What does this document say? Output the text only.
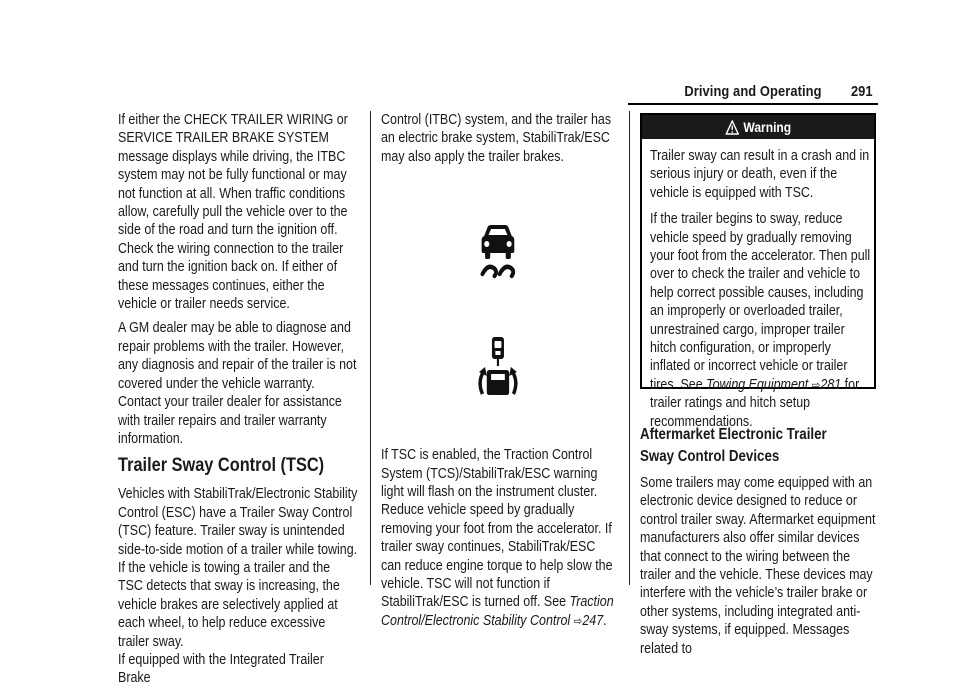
Driving and Operating 291

If either the CHECK TRAILER WIRING or SERVICE TRAILER BRAKE SYSTEM message displays while driving, the ITBC system may not be fully functional or may not function at all. When traffic conditions allow, carefully pull the vehicle over to the side of the road and turn the ignition off. Check the wiring connection to the trailer and turn the ignition back on. If either of these messages continues, either the vehicle or trailer needs service.

A GM dealer may be able to diagnose and repair problems with the trailer. However, any diagnosis and repair of the trailer is not covered under the vehicle warranty. Contact your trailer dealer for assistance with trailer repairs and trailer warranty information.

Trailer Sway Control (TSC)

Vehicles with StabiliTrak/Electronic Stability Control (ESC) have a Trailer Sway Control (TSC) feature. Trailer sway is unintended side-to-side motion of a trailer while towing. If the vehicle is towing a trailer and the TSC detects that sway is increasing, the vehicle brakes are selectively applied at each wheel, to help reduce excessive trailer sway.

If equipped with the Integrated Trailer Brake

Control (ITBC) system, and the trailer has an electric brake system, StabiliTrak/ESC may also apply the trailer brakes.

If TSC is enabled, the Traction Control System (TCS)/StabiliTrak/ESC warning light will flash on the instrument cluster. Reduce vehicle speed by gradually removing your foot from the accelerator. If trailer sway continues, StabiliTrak/ESC can reduce engine torque to help slow the vehicle. TSC will not function if StabiliTrak/ESC is turned off. See Traction Control/Electronic Stability Control ⇨247.

Warning

Trailer sway can result in a crash and in serious injury or death, even if the vehicle is equipped with TSC.

If the trailer begins to sway, reduce vehicle speed by gradually removing your foot from the accelerator. Then pull over to check the trailer and vehicle to help correct possible causes, including an improperly or overloaded trailer, unrestrained cargo, improper trailer hitch configuration, or improperly inflated or incorrect vehicle or trailer tires. See Towing Equipment ⇨281 for trailer ratings and hitch setup recommendations.

Aftermarket Electronic Trailer Sway Control Devices

Some trailers may come equipped with an electronic device designed to reduce or control trailer sway. Aftermarket equipment manufacturers also offer similar devices that connect to the wiring between the trailer and the vehicle. These devices may interfere with the vehicle’s trailer brake or other systems, including integrated anti-sway systems, if equipped. Messages related to
